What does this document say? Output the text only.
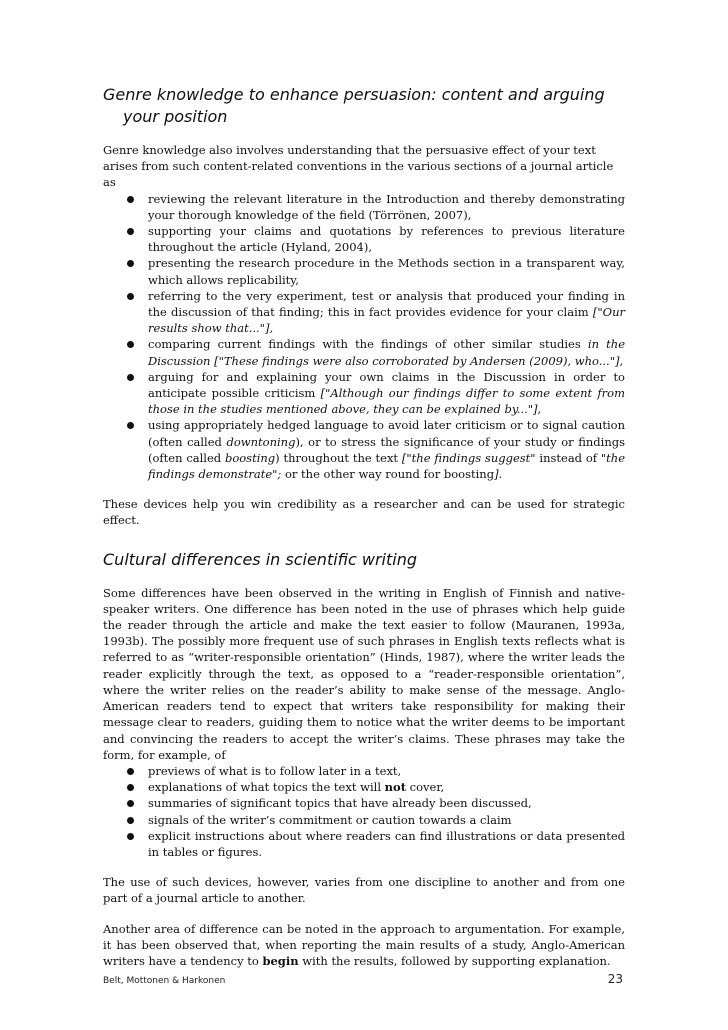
Genre knowledge to enhance persuasion: content and arguing your position

Genre knowledge also involves understanding that the persuasive effect of your text arises from such content-related conventions in the various sections of a journal article as

reviewing the relevant literature in the Introduction and thereby demonstrating your thorough knowledge of the field (Törrönen, 2007),
supporting your claims and quotations by references to previous literature throughout the article (Hyland, 2004),
presenting the research procedure in the Methods section in a transparent way, which allows replicability,
referring to the very experiment, test or analysis that produced your finding in the discussion of that finding; this in fact provides evidence for your claim ["Our results show that..."],
comparing current findings with the findings of other similar studies in the Discussion ["These findings were also corroborated by Andersen (2009), who..."],
arguing for and explaining your own claims in the Discussion in order to anticipate possible criticism ["Although our findings differ to some extent from those in the studies mentioned above, they can be explained by..."],
using appropriately hedged language to avoid later criticism or to signal caution (often called downtoning), or to stress the significance of your study or findings (often called boosting) throughout the text ["the findings suggest" instead of "the findings demonstrate"; or the other way round for boosting].

These devices help you win credibility as a researcher and can be used for strategic effect.

Cultural differences in scientific writing

Some differences have been observed in the writing in English of Finnish and native-speaker writers. One difference has been noted in the use of phrases which help guide the reader through the article and make the text easier to follow (Mauranen, 1993a, 1993b). The possibly more frequent use of such phrases in English texts reflects what is referred to as “writer-responsible orientation” (Hinds, 1987), where the writer leads the reader explicitly through the text, as opposed to a “reader-responsible orientation”, where the writer relies on the reader’s ability to make sense of the message. Anglo-American readers tend to expect that writers take responsibility for making their message clear to readers, guiding them to notice what the writer deems to be important and convincing the readers to accept the writer’s claims. These phrases may take the form, for example, of

previews of what is to follow later in a text,
explanations of what topics the text will not cover,
summaries of significant topics that have already been discussed,
signals of the writer’s commitment or caution towards a claim
explicit instructions about where readers can find illustrations or data presented in tables or figures.

The use of such devices, however, varies from one discipline to another and from one part of a journal article to another.

Another area of difference can be noted in the approach to argumentation. For example, it has been observed that, when reporting the main results of a study, Anglo-American writers have a tendency to begin with the results, followed by supporting explanation.

Belt, Mottonen & Harkonen	23
